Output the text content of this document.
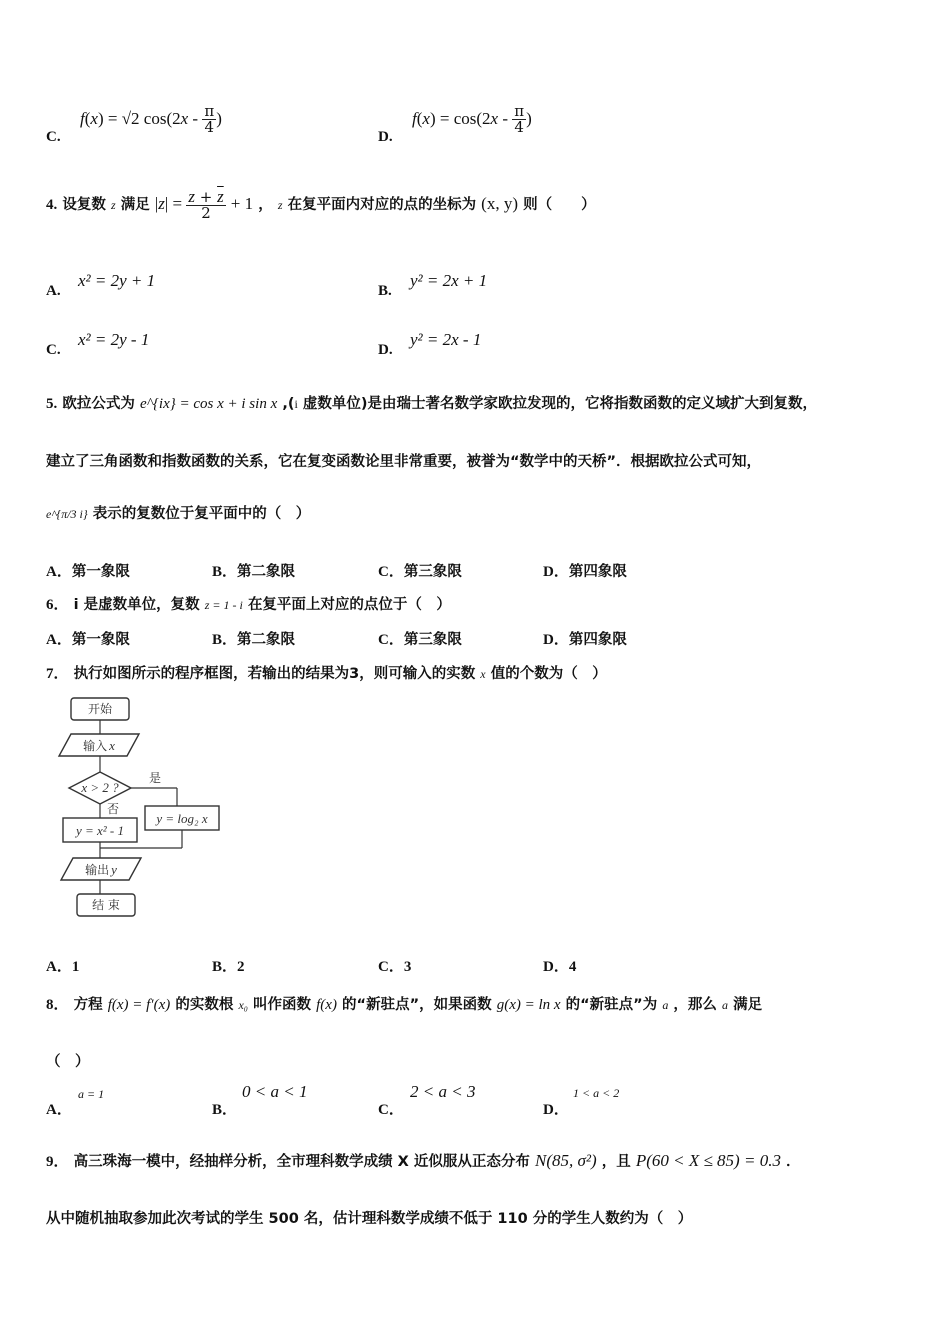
C.
f(x) = √2 $\cos(2x - \frac{\pi}{4}$ )
D.
$f(x) = \cos(2x - \frac{\pi}{4}$ )
4. 设复数 z 满足 $|z| = \frac{z + \overline{z}}{2} + 1$ ， z 在复平面内对应的点的坐标为 (x, y) 则（　　）
A.
x² = 2y + 1
B.
y² = 2x + 1
C.
x² = 2y - 1
D.
y² = 2x - 1
5. 欧拉公式为 e^{ix} = cos x + i sin x ,(i 虚数单位)是由瑞士著名数学家欧拉发现的，它将指数函数的定义域扩大到复数，
建立了三角函数和指数函数的关系，它在复变函数论里非常重要，被誉为“数学中的天桥”．根据欧拉公式可知，
e^{π/3 i} 表示的复数位于复平面中的（　）
A．第一象限	B．第二象限	C．第三象限	D．第四象限
6． i 是虚数单位，复数 z = 1 - i 在复平面上对应的点位于（　）
A．第一象限	B．第二象限	C．第三象限	D．第四象限
7． 执行如图所示的程序框图，若输出的结果为3，则可输入的实数 x 值的个数为（　）
开始
输入 x
x > 2 ?
是
y = log₂ x
否
y = x² - 1
输出 y
结 束
A．1	B．2	C．3	D．4
8． 方程 f(x) = f′(x) 的实数根 x₀ 叫作函数 f(x) 的“新驻点”，如果函数 g(x) = ln x 的“新驻点”为 a ，那么 a 满足
（　）
A．
a = 1
B．
0 < a < 1
C．
2 < a < 3
D．
1 < a < 2
9． 高三珠海一模中，经抽样分析，全市理科数学成绩 X 近似服从正态分布 N(85, σ²) ，且 P(60 < X ≤ 85) = 0.3 ．
从中随机抽取参加此次考试的学生 500 名，估计理科数学成绩不低于 110 分的学生人数约为（　）
